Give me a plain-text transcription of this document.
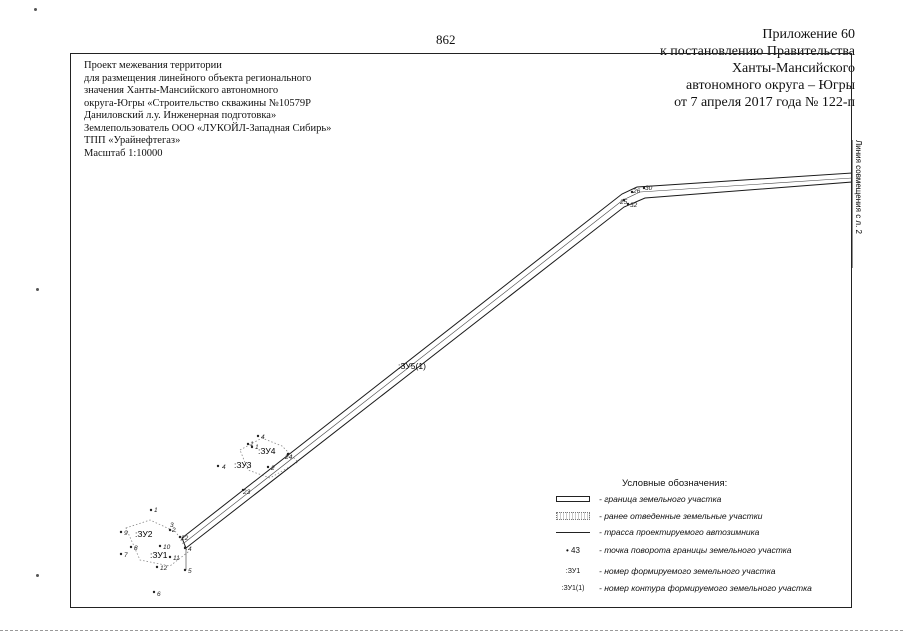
862	Приложение 60
к постановлению Правительства
Ханты-Мансийского
автономного округа – Югры
от 7 апреля 2017 года № 122-п
Проект межевания территории
для размещения линейного объекта регионального
значения Ханты-Мансийского автономного
округа-Югры «Строительство скважины №10579Р
Даниловский л.у. Инженерная подготовка»
Землепользователь ООО «ЛУКОЙЛ-Западная Сибирь»
ТПП «Урайнефтегаз»
Масштаб 1:10000	Линия совмещения с л. 2
:ЗУ5(1)
:ЗУ1
:ЗУ2
:ЗУ3
:ЗУ4
1
2
3
4
5
6
7
8
9
10
11
12
22
23
24
25
26 30
32
1
4
1
2
4
Условные обозначения:
- граница земельного участка
- ранее отведенные земельные участки
- трасса проектируемого автозимника
• 43	- точка поворота границы земельного участка
:ЗУ1	- номер формируемого земельного участка
:ЗУ1(1)	- номер контура формируемого земельного участка
